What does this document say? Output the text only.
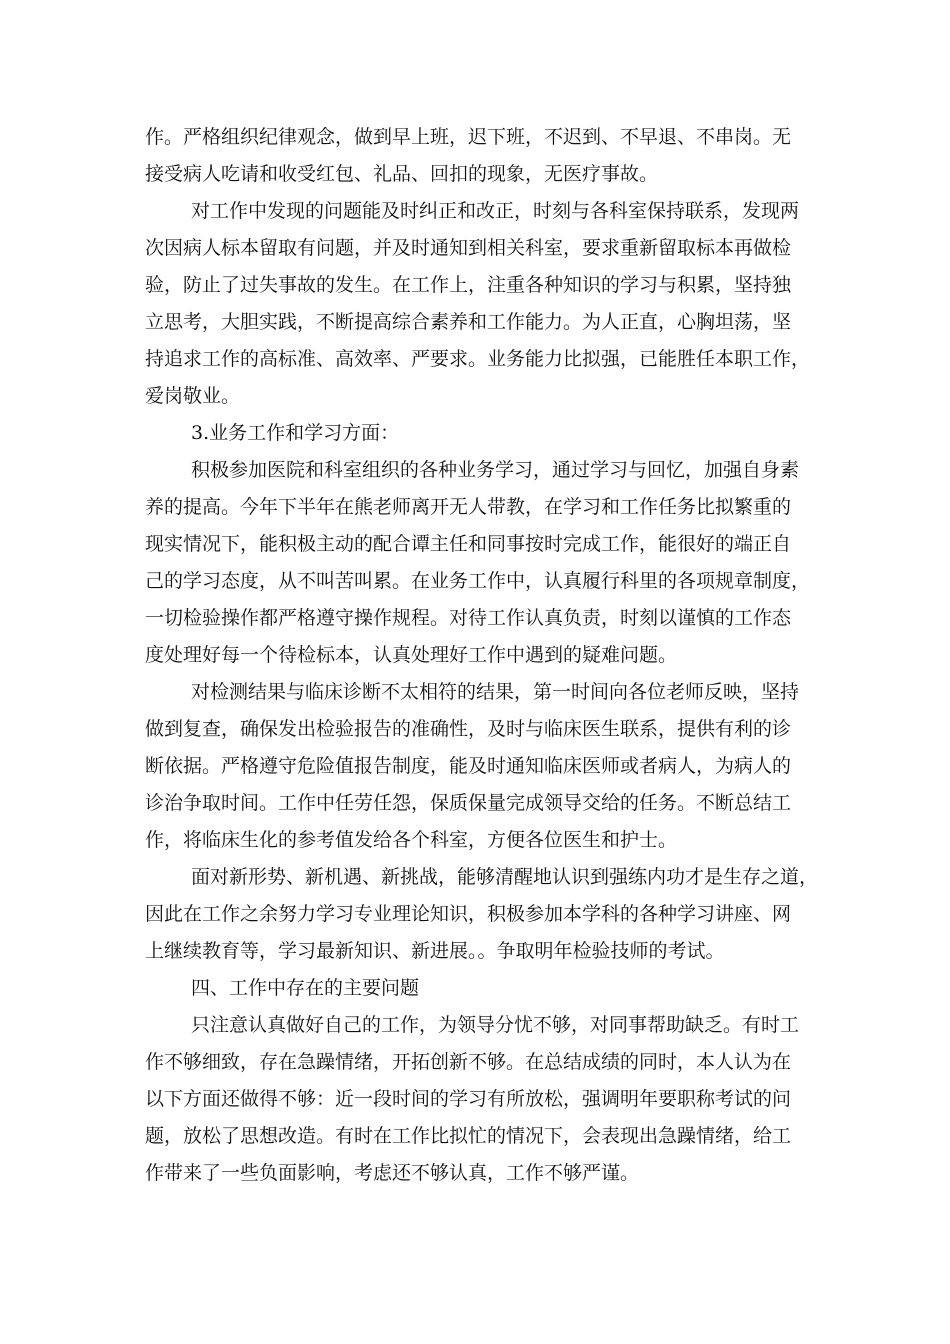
作。严格组织纪律观念，做到早上班，迟下班，不迟到、不早退、不串岗。无

接受病人吃请和收受红包、礼品、回扣的现象，无医疗事故。

对工作中发现的问题能及时纠正和改正，时刻与各科室保持联系，发现两

次因病人标本留取有问题，并及时通知到相关科室，要求重新留取标本再做检

验，防止了过失事故的发生。在工作上，注重各种知识的学习与积累，坚持独

立思考，大胆实践，不断提高综合素养和工作能力。为人正直，心胸坦荡，坚

持追求工作的高标准、高效率、严要求。业务能力比拟强，已能胜任本职工作，

爱岗敬业。

3.业务工作和学习方面：

积极参加医院和科室组织的各种业务学习，通过学习与回忆，加强自身素

养的提高。今年下半年在熊老师离开无人带教，在学习和工作任务比拟繁重的

现实情况下，能积极主动的配合谭主任和同事按时完成工作，能很好的端正自

己的学习态度，从不叫苦叫累。在业务工作中，认真履行科里的各项规章制度，

一切检验操作都严格遵守操作规程。对待工作认真负责，时刻以谨慎的工作态

度处理好每一个待检标本，认真处理好工作中遇到的疑难问题。

对检测结果与临床诊断不太相符的结果，第一时间向各位老师反映，坚持

做到复查，确保发出检验报告的准确性，及时与临床医生联系，提供有利的诊

断依据。严格遵守危险值报告制度，能及时通知临床医师或者病人，为病人的

诊治争取时间。工作中任劳任怨，保质保量完成领导交给的任务。不断总结工

作，将临床生化的参考值发给各个科室，方便各位医生和护士。

面对新形势、新机遇、新挑战，能够清醒地认识到强练内功才是生存之道，

因此在工作之余努力学习专业理论知识，积极参加本学科的各种学习讲座、网

上继续教育等，学习最新知识、新进展。。争取明年检验技师的考试。

四、工作中存在的主要问题

只注意认真做好自己的工作，为领导分忧不够，对同事帮助缺乏。有时工

作不够细致，存在急躁情绪，开拓创新不够。在总结成绩的同时，本人认为在

以下方面还做得不够：近一段时间的学习有所放松，强调明年要职称考试的问

题，放松了思想改造。有时在工作比拟忙的情况下，会表现出急躁情绪，给工

作带来了一些负面影响，考虑还不够认真，工作不够严谨。
